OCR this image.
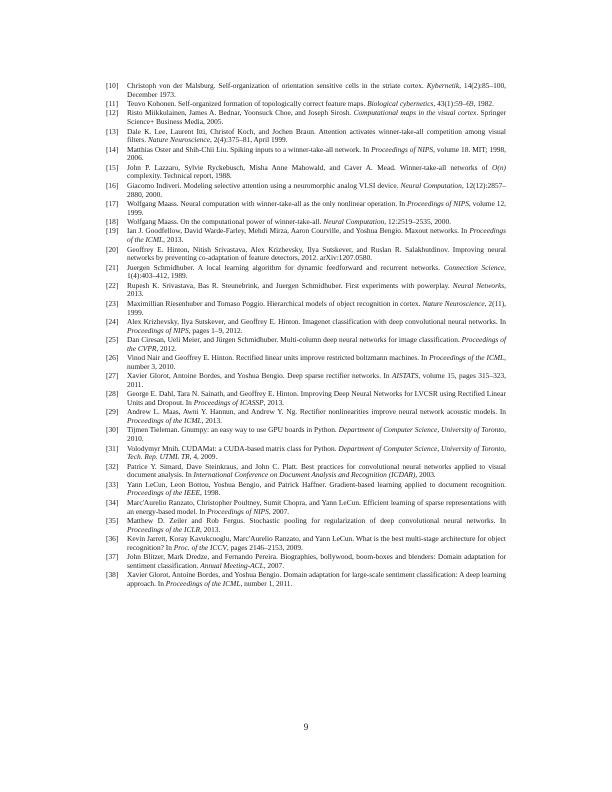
[10]	Christoph von der Malsburg. Self-organization of orientation sensitive cells in the striate cortex. Kybernetik, 14(2):85–100, December 1973.
[11]	Teuvo Kohonen. Self-organized formation of topologically correct feature maps. Biological cybernetics, 43(1):59–69, 1982.
[12]	Risto Miikkulainen, James A. Bednar, Yoonsuck Choe, and Joseph Sirosh. Computational maps in the visual cortex. Springer Science+ Business Media, 2005.
[13]	Dale K. Lee, Laurent Itti, Christof Koch, and Jochen Braun. Attention activates winner-take-all competition among visual filters. Nature Neuroscience, 2(4):375–81, April 1999.
[14]	Matthias Oster and Shih-Chii Liu. Spiking inputs to a winner-take-all network. In Proceedings of NIPS, volume 18. MIT; 1998, 2006.
[15]	John P. Lazzaro, Sylvie Ryckebusch, Misha Anne Mahowald, and Caver A. Mead. Winner-take-all networks of O(n) complexity. Technical report, 1988.
[16]	Giacomo Indiveri. Modeling selective attention using a neuromorphic analog VLSI device. Neural Computation, 12(12):2857–2880, 2000.
[17]	Wolfgang Maass. Neural computation with winner-take-all as the only nonlinear operation. In Proceedings of NIPS, volume 12, 1999.
[18]	Wolfgang Maass. On the computational power of winner-take-all. Neural Computation, 12:2519–2535, 2000.
[19]	Ian J. Goodfellow, David Warde-Farley, Mehdi Mirza, Aaron Courville, and Yoshua Bengio. Maxout networks. In Proceedings of the ICML, 2013.
[20]	Geoffrey E. Hinton, Nitish Srivastava, Alex Krizhevsky, Ilya Sutskever, and Ruslan R. Salakhutdinov. Improving neural networks by preventing co-adaptation of feature detectors, 2012. arXiv:1207.0580.
[21]	Juergen Schmidhuber. A local learning algorithm for dynamic feedforward and recurrent networks. Connection Science, 1(4):403–412, 1989.
[22]	Rupesh K. Srivastava, Bas R. Steunebrink, and Juergen Schmidhuber. First experiments with powerplay. Neural Networks, 2013.
[23]	Maximillian Riesenhuber and Tomaso Poggio. Hierarchical models of object recognition in cortex. Nature Neuroscience, 2(11), 1999.
[24]	Alex Krizhevsky, Ilya Sutskever, and Geoffrey E. Hinton. Imagenet classification with deep convolutional neural networks. In Proceedings of NIPS, pages 1–9, 2012.
[25]	Dan Ciresan, Ueli Meier, and Jürgen Schmidhuber. Multi-column deep neural networks for image classification. Proceedings of the CVPR, 2012.
[26]	Vinod Nair and Geoffrey E. Hinton. Rectified linear units improve restricted boltzmann machines. In Proceedings of the ICML, number 3, 2010.
[27]	Xavier Glorot, Antoine Bordes, and Yoshua Bengio. Deep sparse rectifier networks. In AISTATS, volume 15, pages 315–323, 2011.
[28]	George E. Dahl, Tara N. Sainath, and Geoffrey E. Hinton. Improving Deep Neural Networks for LVCSR using Rectified Linear Units and Dropout. In Proceedings of ICASSP, 2013.
[29]	Andrew L. Maas, Awni Y. Hannun, and Andrew Y. Ng. Rectifier nonlinearities improve neural network acoustic models. In Proceedings of the ICML, 2013.
[30]	Tijmen Tieleman. Gnumpy: an easy way to use GPU boards in Python. Department of Computer Science, University of Toronto, 2010.
[31]	Volodymyr Mnih. CUDAMat: a CUDA-based matrix class for Python. Department of Computer Science, University of Toronto, Tech. Rep. UTML TR, 4, 2009.
[32]	Patrice Y. Simard, Dave Steinkraus, and John C. Platt. Best practices for convolutional neural networks applied to visual document analysis. In International Conference on Document Analysis and Recognition (ICDAR), 2003.
[33]	Yann LeCun, Leon Bottou, Yoshua Bengio, and Patrick Haffner. Gradient-based learning applied to document recognition. Proceedings of the IEEE, 1998.
[34]	Marc'Aurelio Ranzato, Christopher Poultney, Sumit Chopra, and Yann LeCun. Efficient learning of sparse representations with an energy-based model. In Proceedings of NIPS, 2007.
[35]	Matthew D. Zeiler and Rob Fergus. Stochastic pooling for regularization of deep convolutional neural networks. In Proceedings of the ICLR, 2013.
[36]	Kevin Jarrett, Koray Kavukcuoglu, Marc'Aurelio Ranzato, and Yann LeCun. What is the best multi-stage architecture for object recognition? In Proc. of the ICCV, pages 2146–2153, 2009.
[37]	John Blitzer, Mark Dredze, and Fernando Pereira. Biographies, bollywood, boom-boxes and blenders: Domain adaptation for sentiment classification. Annual Meeting-ACL, 2007.
[38]	Xavier Glorot, Antoine Bordes, and Yoshua Bengio. Domain adaptation for large-scale sentiment classification: A deep learning approach. In Proceedings of the ICML, number 1, 2011.
9
